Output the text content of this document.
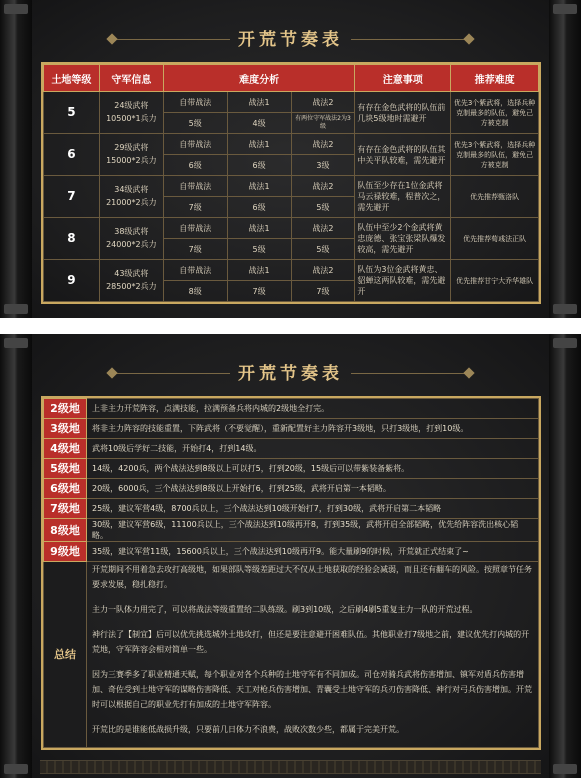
开荒节奏表
土地等级	守军信息	难度分析			注意事项	推荐难度
5	24级武将	自带战法	战法1	战法2	有存在金色武将的队伍前几块5级地时需避开	优先3个紫武将，选择兵种克制最多的队伍，避免己方被克制
	10500*1兵力	5级	4级	有两位守军战法2为3级		
6	29级武将	自带战法	战法1	战法2	有存在金色武将的队伍其中关平队较难，需先避开	优先3个紫武将，选择兵种克制最多的队伍，避免己方被克制
	15000*2兵力	6级	6级	3级		
7	34级武将	自带战法	战法1	战法2	队伍至少存在1位金武将马云禄较难，程普次之，需先避开	优先推荐甄洛队
	21000*2兵力	7级	6级	5级		
8	38级武将	自带战法	战法1	战法2	队伍中至少2个金武将黄忠庞德、张宝张梁队爆发较高，需先避开	优先推荐荀彧法正队
	24000*2兵力	7级	5级	5级		
9	43级武将	自带战法	战法1	战法2	队伍为3位金武将黄忠、貂蝉这两队较难，需先避开	优先推荐甘宁大乔华雄队
	28500*2兵力	8级	7级	7级		
开荒节奏表
2级地	上非主力开荒阵容，点满技能，拉满预备兵将内城的2级地全打完。
3级地	将非主力阵容的技能重置，下阵武将（不要觉醒），重新配置好主力阵容开3级地，只打3级地，打到10级。
4级地	武将10级后学好二技能，开始打4，打到14级。
5级地	14级，4200兵，两个战法达到8级以上可以打5，打到20级，15级后可以带紫装备紫将。
6级地	20级，6000兵，三个战法达到8级以上开始打6，打到25级，武将开启第一本韬略。
7级地	25级，建议军营4级，8700兵以上，三个战法达到10级开始打7，打到30级，武将开启第二本韬略
8级地	30级，建议军营6级，11100兵以上，三个战法达到10级再开8，打到35级，武将开启全部韬略，优先给阵容洗出核心韬略。
9级地	35级，建议军营11级，15600兵以上，三个战法达到10级再开9。能大量刷9的时候，开荒就正式结束了~
总结	开荒期间不用着急去攻打高级地，如果部队等级差距过大不仅从土地获取的经验会减弱，而且还有翻车的风险。按照章节任务要求发展，稳扎稳打。

主力一队体力用完了，可以将战法等级重置给二队练级。刷3到10级，之后刷4刷5重复主力一队的开荒过程。

神行法了【制宜】后可以优先挑选城外土地攻打，但还是要注意避开困难队伍。其他职业打7级地之前，建议优先打内城的开荒地，守军阵容会相对简单一些。

因为三赛季多了职业精通天赋，每个职业对各个兵种的土地守军有不同加成。司仓对骑兵武将伤害增加、镇军对盾兵伤害增加、奇佐受到土地守军的谋略伤害降低、天工对枪兵伤害增加、青囊受土地守军的兵刃伤害降低、神行对弓兵伤害增加。开荒时可以根据自己的职业先打有加成的土地守军阵容。

开荒比的是谁能低战损升级，只要前几日体力不浪费，战败次数少些，都属于完美开荒。
